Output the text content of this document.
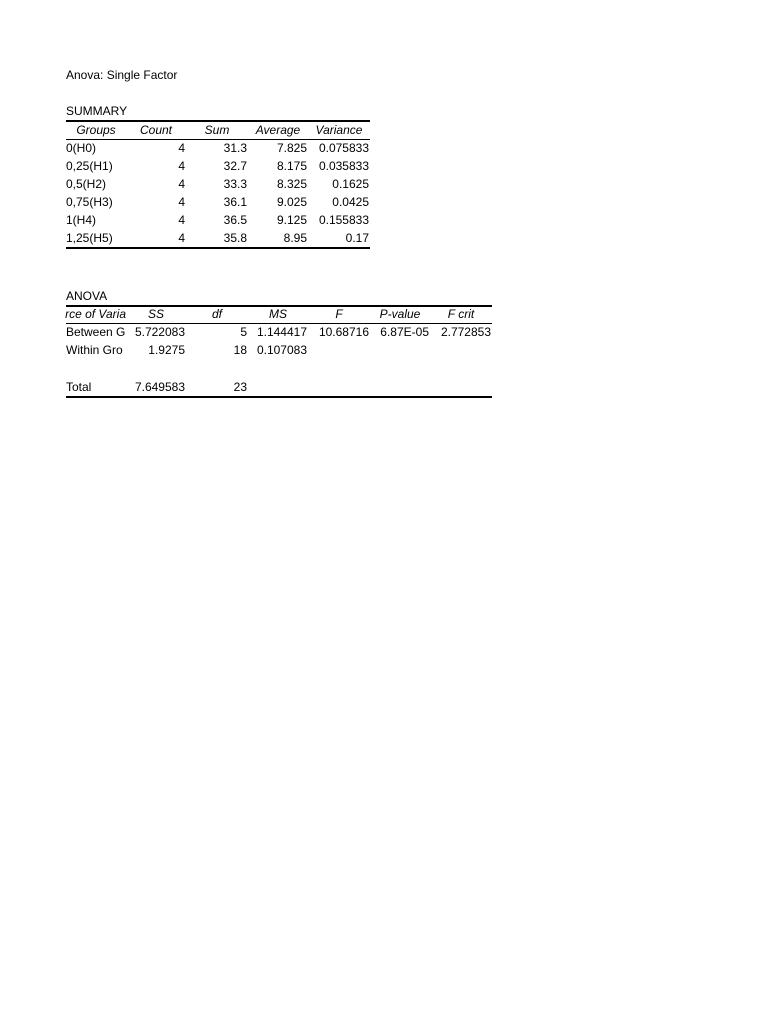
Anova: Single Factor
SUMMARY
Groups	Count	Sum	Average	Variance
0(H0)	4	31.3	7.825 0.075833
0,25(H1)	4	32.7	8.175 0.035833
0,5(H2)	4	33.3	8.325	0.1625
0,75(H3)	4	36.1	9.025	0.0425
1(H4)	4	36.5	9.125 0.155833
1,25(H5)	4	35.8	8.95	0.17
ANOVA
rce of Varia	SS	df	MS	F	P-value	F crit
Between G 5.722083	5 1.144417 10.68716 6.87E-05 2.772853
Within Gro	1.9275	18 0.107083
Total	7.649583	23
